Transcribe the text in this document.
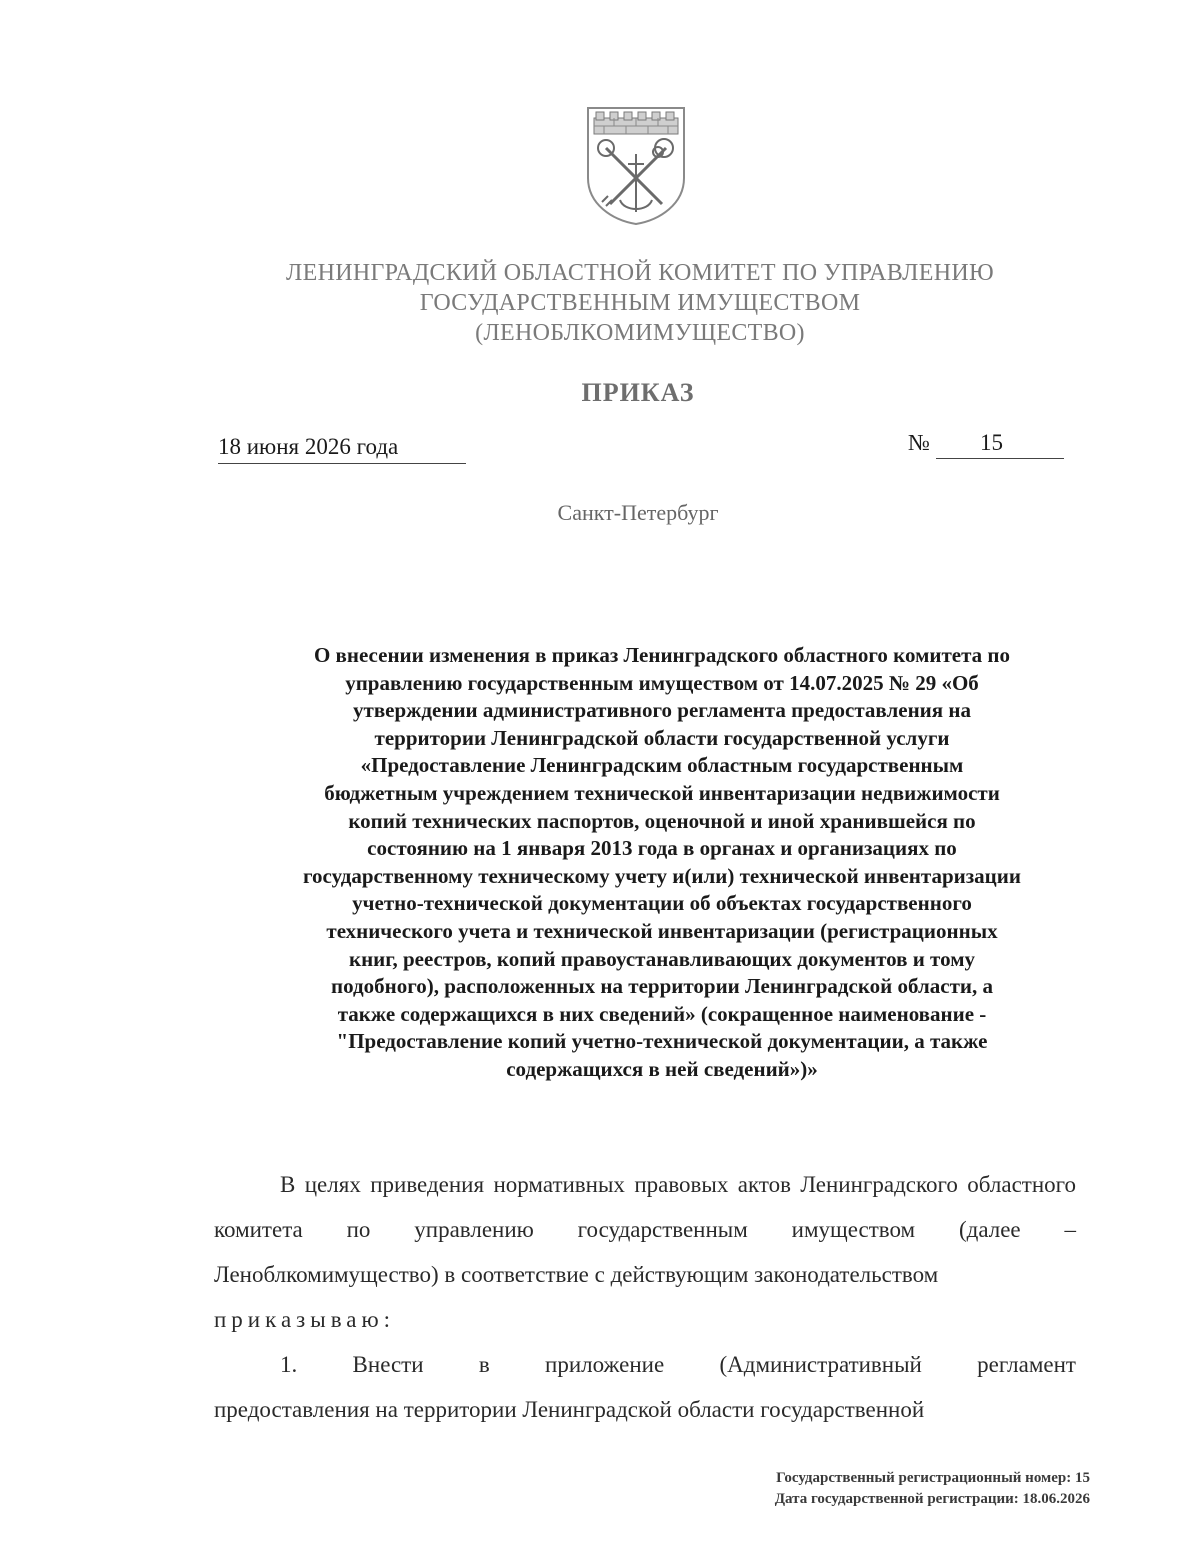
ЛЕНИНГРАДСКИЙ ОБЛАСТНОЙ КОМИТЕТ ПО УПРАВЛЕНИЮ
ГОСУДАРСТВЕННЫМ ИМУЩЕСТВОМ
(ЛЕНОБЛКОМИМУЩЕСТВО)
ПРИКАЗ
18 июня 2026 года	№ 15
Санкт-Петербург
О внесении изменения в приказ Ленинградского областного комитета по
управлению государственным имуществом от 14.07.2025 № 29 «Об
утверждении административного регламента предоставления на
территории Ленинградской области государственной услуги
«Предоставление Ленинградским областным государственным
бюджетным учреждением технической инвентаризации недвижимости
копий технических паспортов, оценочной и иной хранившейся по
состоянию на 1 января 2013 года в органах и организациях по
государственному техническому учету и(или) технической инвентаризации
учетно-технической документации об объектах государственного
технического учета и технической инвентаризации (регистрационных
книг, реестров, копий правоустанавливающих документов и тому
подобного), расположенных на территории Ленинградской области, а
также содержащихся в них сведений» (сокращенное наименование -
"Предоставление копий учетно-технической документации, а также
содержащихся в ней сведений»)»

В целях приведения нормативных правовых актов Ленинградского областного комитета по управлению государственным имуществом (далее – Леноблкомимущество) в соответствие с действующим законодательством

приказываю:

1. Внести в приложение (Административный регламент

предоставления на территории Ленинградской области государственной

Государственный регистрационный номер: 15
Дата государственной регистрации: 18.06.2026
